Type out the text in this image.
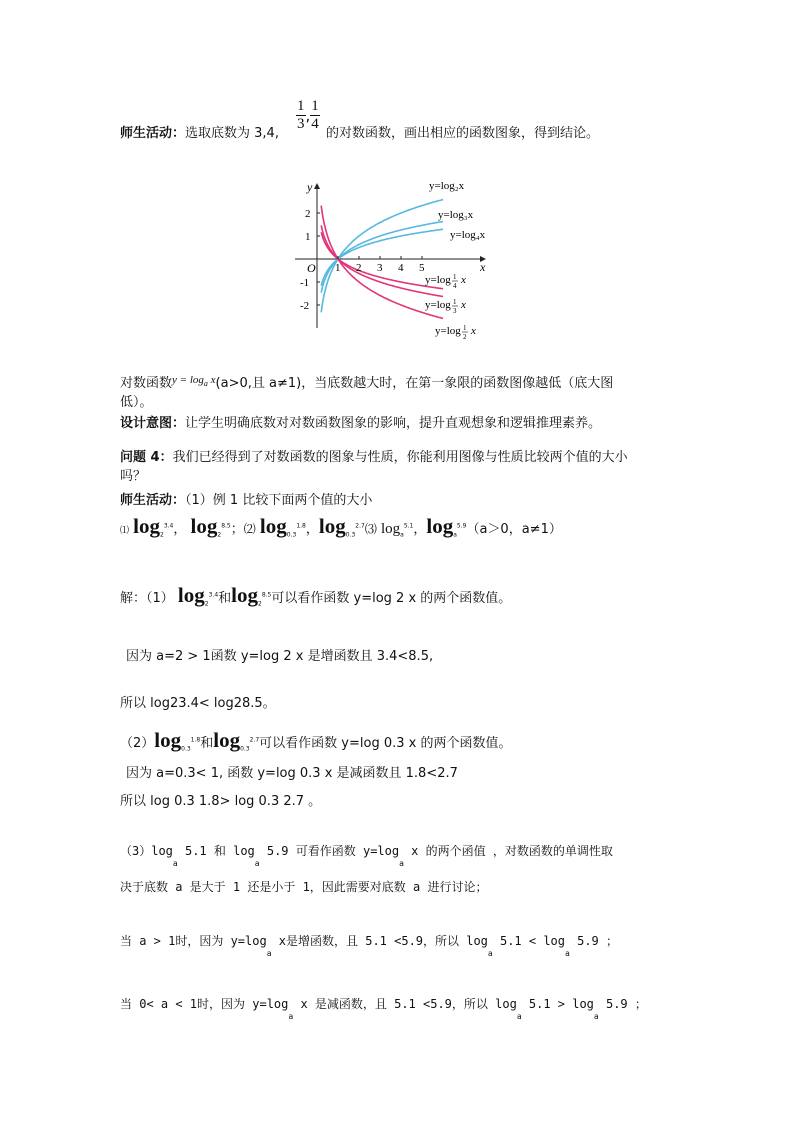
师生活动：选取底数为 3,4,
$\frac{1}{3}$ , $\frac{1}{4}$
的对数函数，画出相应的函数图象，得到结论。
1 2 3 4 5
2
1
-1
-2
y
x
O
y=log₂x
y=log₃x
y=log₄x
y=log 1
4 x
y=log 1
3 x
y=log 1
2 x
对数函数$^{y = log_a x}$(a>0,且 a≠1)，当底数越大时，在第一象限的函数图像越低（底大图
低）。
设计意图：让学生明确底数对对数函数图象的影响，提升直观想象和逻辑推理素养。
问题 4：我们已经得到了对数函数的图象与性质，你能利用图像与性质比较两个值的大小
吗？
师生活动：（1）例 1 比较下面两个值的大小
⑴ $\log_2^{3.4}$， $\log_2^{8.5}$；⑵ $\log_{0.3}^{1.8}$，$\log_{0.3}^{2.7}⑶$ $\log_a^{5.1}$，$\log_a^{5.9}(a>0$，a≠1）
解：（1） $\log_2^{3.4}$和$\log_2^{8.5}$可以看作函数 y=log 2 x 的两个函数值。
因为 a=2 > 1函数 y=log 2 x 是增函数且 3.4<8.5,
所以 log23.4< log28.5。
$(2)\log_{0.3}^{1.8}$和$\log_{0.3}^{2.7}$可以看作函数 y=log 0.3 x 的两个函数值。
因为 a=0.3< 1, 函数 y=log 0.3 x 是减函数且 1.8<2.7
所以 log 0.3 1.8> log 0.3 2.7 。
$(3)\log_a$ 5.1 和 $\log_a 5.9$ 可看作函数 $y=\log_a$ x 的两个函值 ，对数函数的单调性取
决于底数 a 是大于 1 还是小于 1，因此需要对底数 a 进行讨论；
当 a > 1时，因为 $y=\log_a$ x是增函数，且 5.1 <5.9，所以 $\log_a 5.1 < \log_a 5.9$ ；
当 0< a < 1时，因为 $y=\log_a$ x 是减函数，且 5.1 <5.9，所以 $\log_a 5.1 > \log_a 5.9$ ；
